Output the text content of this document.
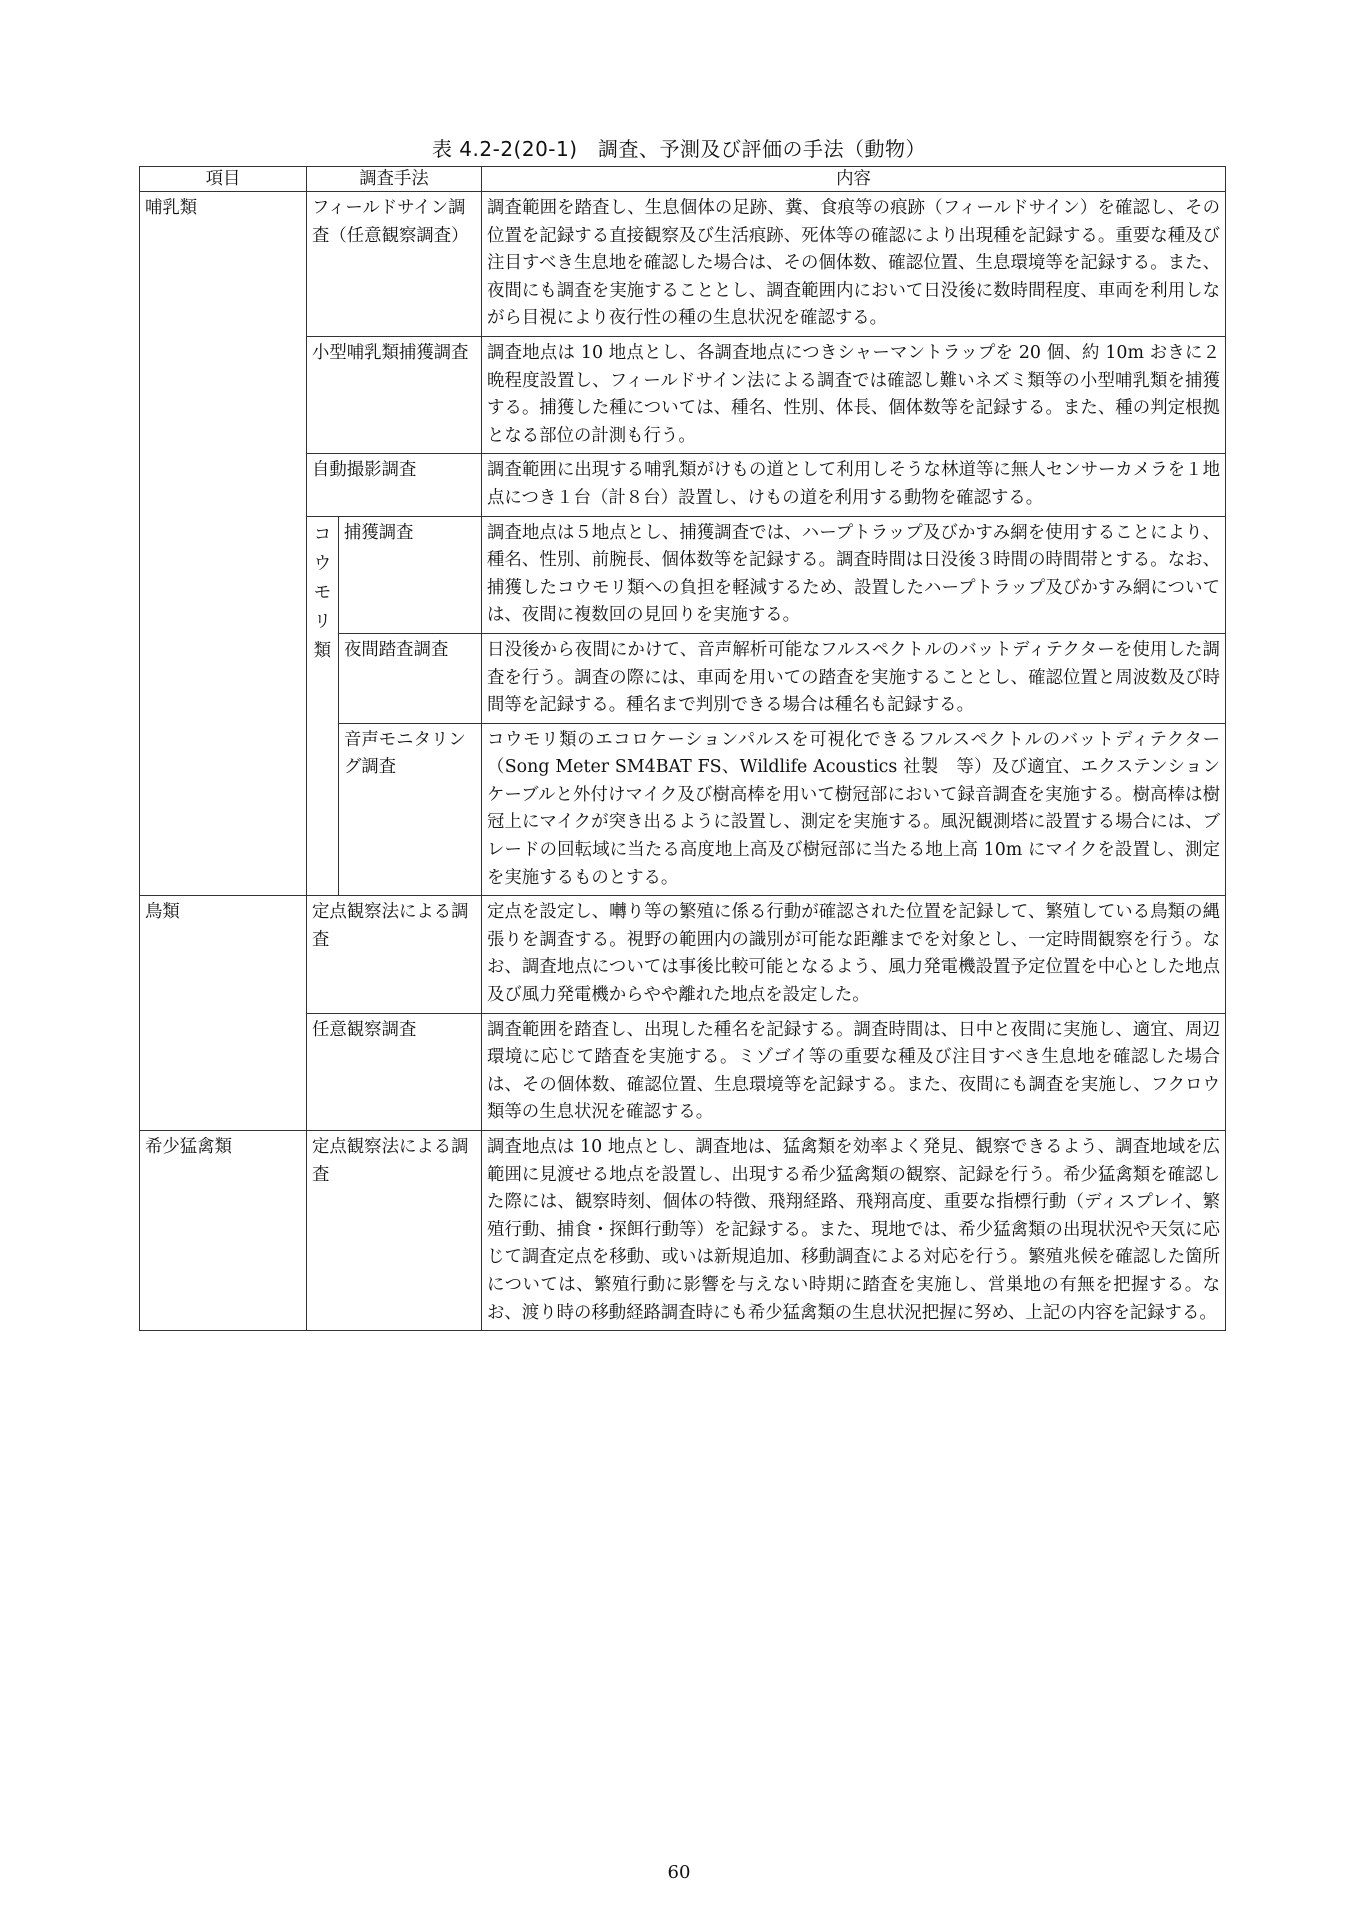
表 4.2-2(20-1)　調査、予測及び評価の手法（動物）
項目	調査手法		内容
哺乳類	フィールドサイン調査（任意観察調査）		調査範囲を踏査し、生息個体の足跡、糞、食痕等の痕跡（フィールドサイン）を確認し、その位置を記録する直接観察及び生活痕跡、死体等の確認により出現種を記録する。重要な種及び注目すべき生息地を確認した場合は、その個体数、確認位置、生息環境等を記録する。また、夜間にも調査を実施することとし、調査範囲内において日没後に数時間程度、車両を利用しながら目視により夜行性の種の生息状況を確認する。
	小型哺乳類捕獲調査		調査地点は 10 地点とし、各調査地点につきシャーマントラップを 20 個、約 10m おきに２晩程度設置し、フィールドサイン法による調査では確認し難いネズミ類等の小型哺乳類を捕獲する。捕獲した種については、種名、性別、体長、個体数等を記録する。また、種の判定根拠となる部位の計測も行う。
	自動撮影調査		調査範囲に出現する哺乳類がけもの道として利用しそうな林道等に無人センサーカメラを１地点につき１台（計８台）設置し、けもの道を利用する動物を確認する。
	コウモリ類	捕獲調査	調査地点は５地点とし、捕獲調査では、ハープトラップ及びかすみ網を使用することにより、種名、性別、前腕長、個体数等を記録する。調査時間は日没後３時間の時間帯とする。なお、捕獲したコウモリ類への負担を軽減するため、設置したハープトラップ及びかすみ網については、夜間に複数回の見回りを実施する。
		夜間踏査調査	日没後から夜間にかけて、音声解析可能なフルスペクトルのバットディテクターを使用した調査を行う。調査の際には、車両を用いての踏査を実施することとし、確認位置と周波数及び時間等を記録する。種名まで判別できる場合は種名も記録する。
		音声モニタリング調査	コウモリ類のエコロケーションパルスを可視化できるフルスペクトルのバットディテクター（Song Meter SM4BAT FS、Wildlife Acoustics 社製　等）及び適宜、エクステンションケーブルと外付けマイク及び樹高棒を用いて樹冠部において録音調査を実施する。樹高棒は樹冠上にマイクが突き出るように設置し、測定を実施する。風況観測塔に設置する場合には、ブレードの回転域に当たる高度地上高及び樹冠部に当たる地上高 10m にマイクを設置し、測定を実施するものとする。
鳥類	定点観察法による調査		定点を設定し、囀り等の繁殖に係る行動が確認された位置を記録して、繁殖している鳥類の縄張りを調査する。視野の範囲内の識別が可能な距離までを対象とし、一定時間観察を行う。なお、調査地点については事後比較可能となるよう、風力発電機設置予定位置を中心とした地点及び風力発電機からやや離れた地点を設定した。
	任意観察調査		調査範囲を踏査し、出現した種名を記録する。調査時間は、日中と夜間に実施し、適宜、周辺環境に応じて踏査を実施する。ミゾゴイ等の重要な種及び注目すべき生息地を確認した場合は、その個体数、確認位置、生息環境等を記録する。また、夜間にも調査を実施し、フクロウ類等の生息状況を確認する。
希少猛禽類	定点観察法による調査		調査地点は 10 地点とし、調査地は、猛禽類を効率よく発見、観察できるよう、調査地域を広範囲に見渡せる地点を設置し、出現する希少猛禽類の観察、記録を行う。希少猛禽類を確認した際には、観察時刻、個体の特徴、飛翔経路、飛翔高度、重要な指標行動（ディスプレイ、繁殖行動、捕食・探餌行動等）を記録する。また、現地では、希少猛禽類の出現状況や天気に応じて調査定点を移動、或いは新規追加、移動調査による対応を行う。繁殖兆候を確認した箇所については、繁殖行動に影響を与えない時期に踏査を実施し、営巣地の有無を把握する。なお、渡り時の移動経路調査時にも希少猛禽類の生息状況把握に努め、上記の内容を記録する。
60
